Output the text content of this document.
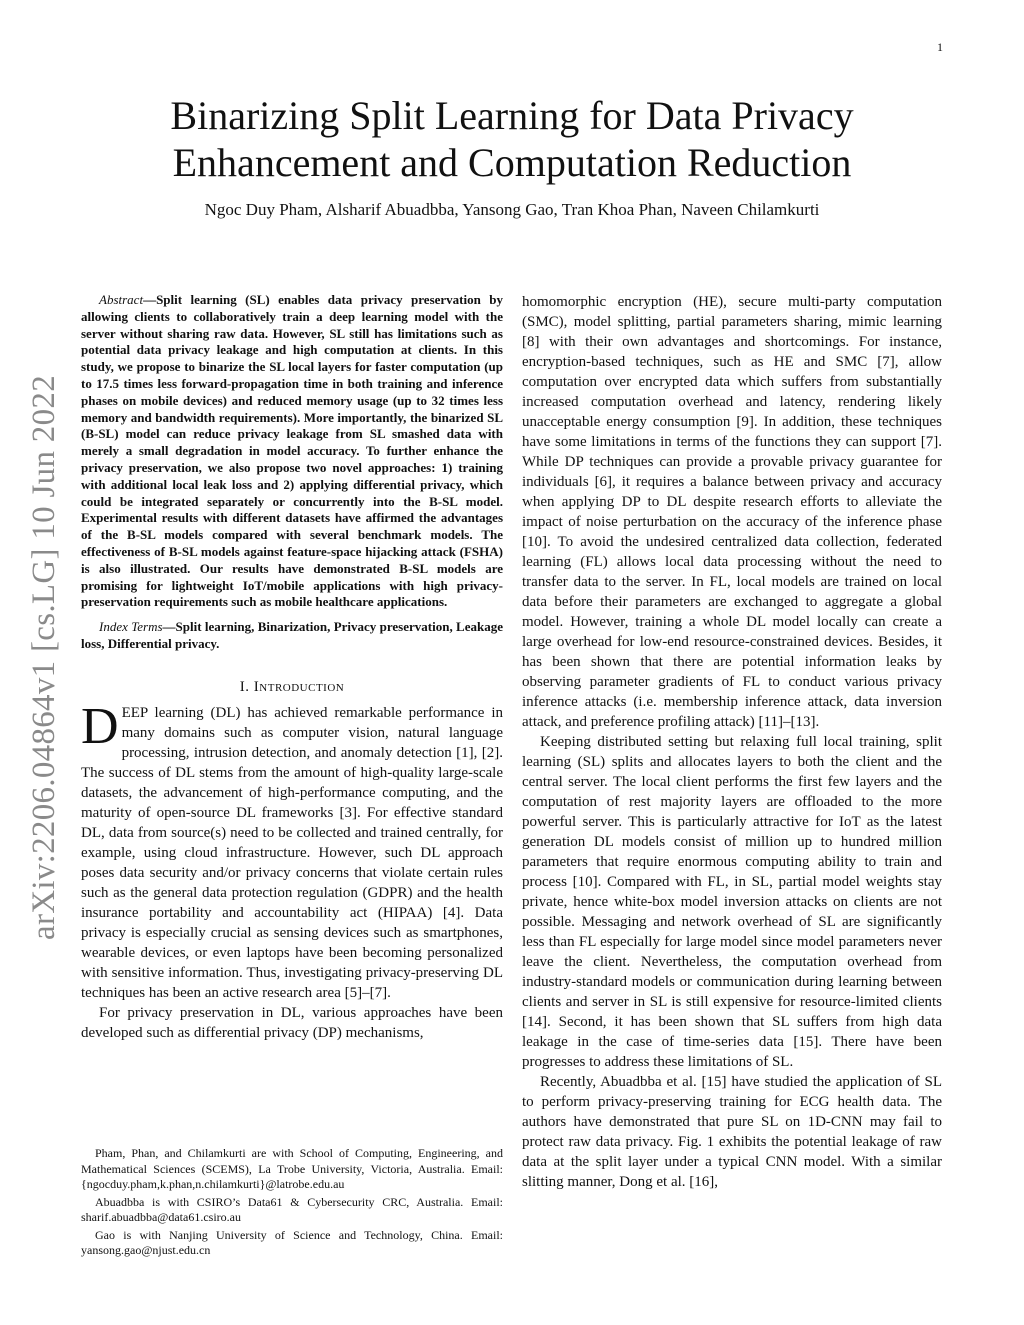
1
arXiv:2206.04864v1 [cs.LG] 10 Jun 2022
Binarizing Split Learning for Data Privacy
Enhancement and Computation Reduction
Ngoc Duy Pham, Alsharif Abuadbba, Yansong Gao, Tran Khoa Phan, Naveen Chilamkurti

Abstract—Split learning (SL) enables data privacy preservation by allowing clients to collaboratively train a deep learning model with the server without sharing raw data. However, SL still has limitations such as potential data privacy leakage and high computation at clients. In this study, we propose to binarize the SL local layers for faster computation (up to 17.5 times less forward-propagation time in both training and inference phases on mobile devices) and reduced memory usage (up to 32 times less memory and bandwidth requirements). More importantly, the binarized SL (B-SL) model can reduce privacy leakage from SL smashed data with merely a small degradation in model accuracy. To further enhance the privacy preservation, we also propose two novel approaches: 1) training with additional local leak loss and 2) applying differential privacy, which could be integrated separately or concurrently into the B-SL model. Experimental results with different datasets have affirmed the advantages of the B-SL models compared with several benchmark models. The effectiveness of B-SL models against feature-space hijacking attack (FSHA) is also illustrated. Our results have demonstrated B-SL models are promising for lightweight IoT/mobile applications with high privacy-preservation requirements such as mobile healthcare applications.

Index Terms—Split learning, Binarization, Privacy preservation, Leakage loss, Differential privacy.

I. Introduction

DEEP learning (DL) has achieved remarkable performance in many domains such as computer vision, natural language processing, intrusion detection, and anomaly detection [1], [2]. The success of DL stems from the amount of high-quality large-scale datasets, the advancement of high-performance computing, and the maturity of open-source DL frameworks [3]. For effective standard DL, data from source(s) need to be collected and trained centrally, for example, using cloud infrastructure. However, such DL approach poses data security and/or privacy concerns that violate certain rules such as the general data protection regulation (GDPR) and the health insurance portability and accountability act (HIPAA) [4]. Data privacy is especially crucial as sensing devices such as smartphones, wearable devices, or even laptops have been becoming personalized with sensitive information. Thus, investigating privacy-preserving DL techniques has been an active research area [5]–[7].

For privacy preservation in DL, various approaches have been developed such as differential privacy (DP) mechanisms,

Pham, Phan, and Chilamkurti are with School of Computing, Engineering, and Mathematical Sciences (SCEMS), La Trobe University, Victoria, Australia. Email: {ngocduy.pham,k.phan,n.chilamkurti}@latrobe.edu.au

Abuadbba is with CSIRO’s Data61 & Cybersecurity CRC, Australia. Email: sharif.abuadbba@data61.csiro.au

Gao is with Nanjing University of Science and Technology, China. Email: yansong.gao@njust.edu.cn

homomorphic encryption (HE), secure multi-party computation (SMC), model splitting, partial parameters sharing, mimic learning [8] with their own advantages and shortcomings. For instance, encryption-based techniques, such as HE and SMC [7], allow computation over encrypted data which suffers from substantially increased computation overhead and latency, rendering likely unacceptable energy consumption [9]. In addition, these techniques have some limitations in terms of the functions they can support [7]. While DP techniques can provide a provable privacy guarantee for individuals [6], it requires a balance between privacy and accuracy when applying DP to DL despite research efforts to alleviate the impact of noise perturbation on the accuracy of the inference phase [10]. To avoid the undesired centralized data collection, federated learning (FL) allows local data processing without the need to transfer data to the server. In FL, local models are trained on local data before their parameters are exchanged to aggregate a global model. However, training a whole DL model locally can create a large overhead for low-end resource-constrained devices. Besides, it has been shown that there are potential information leaks by observing parameter gradients of FL to conduct various privacy inference attacks (i.e. membership inference attack, data inversion attack, and preference profiling attack) [11]–[13].

Keeping distributed setting but relaxing full local training, split learning (SL) splits and allocates layers to both the client and the central server. The local client performs the first few layers and the computation of rest majority layers are offloaded to the more powerful server. This is particularly attractive for IoT as the latest generation DL models consist of million up to hundred million parameters that require enormous computing ability to train and process [10]. Compared with FL, in SL, partial model weights stay private, hence white-box model inversion attacks on clients are not possible. Messaging and network overhead of SL are significantly less than FL especially for large model since model parameters never leave the client. Nevertheless, the computation overhead from industry-standard models or communication during learning between clients and server in SL is still expensive for resource-limited clients [14]. Second, it has been shown that SL suffers from high data leakage in the case of time-series data [15]. There have been progresses to address these limitations of SL.

Recently, Abuadbba et al. [15] have studied the application of SL to perform privacy-preserving training for ECG health data. The authors have demonstrated that pure SL on 1D-CNN may fail to protect raw data privacy. Fig. 1 exhibits the potential leakage of raw data at the split layer under a typical CNN model. With a similar slitting manner, Dong et al. [16],
